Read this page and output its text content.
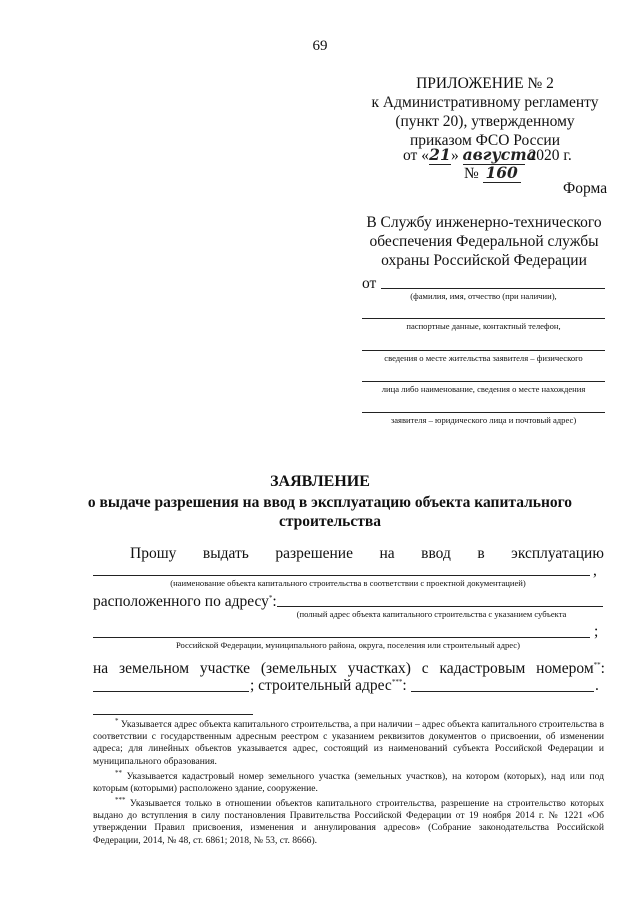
69
ПРИЛОЖЕНИЕ № 2
к Административному регламенту
(пункт 20), утвержденному
приказом ФСО России
от «21» августа 2020 г.
№ 160
Форма
В Службу инженерно-технического
обеспечения Федеральной службы
охраны Российской Федерации
от
(фамилия, имя, отчество (при наличии),
паспортные данные, контактный телефон,
сведения о месте жительства заявителя – физического
лица либо наименование, сведения о месте нахождения
заявителя – юридического лица и почтовый адрес)
ЗАЯВЛЕНИЕ
о выдаче разрешения на ввод в эксплуатацию объекта капитального
строительства
Прошу выдать разрешение на ввод в эксплуатацию
,
(наименование объекта капитального строительства в соответствии с проектной документацией)
расположенного по адресу*:
(полный адрес объекта капитального строительства с указанием субъекта
;
Российской Федерации, муниципального района, округа, поселения или строительный адрес)
на земельном участке (земельных участках) с кадастровым номером**:
; строительный адрес***:	.
* Указывается адрес объекта капитального строительства, а при наличии – адрес объекта капитального строительства в соответствии с государственным адресным реестром с указанием реквизитов документов о присвоении, об изменении адреса; для линейных объектов указывается адрес, состоящий из наименований субъекта Российской Федерации и муниципального образования.
** Указывается кадастровый номер земельного участка (земельных участков), на котором (которых), над или под которым (которыми) расположено здание, сооружение.
*** Указывается только в отношении объектов капитального строительства, разрешение на строительство которых выдано до вступления в силу постановления Правительства Российской Федерации от 19 ноября 2014 г. № 1221 «Об утверждении Правил присвоения, изменения и аннулирования адресов» (Собрание законодательства Российской Федерации, 2014, № 48, ст. 6861; 2018, № 53, ст. 8666).
